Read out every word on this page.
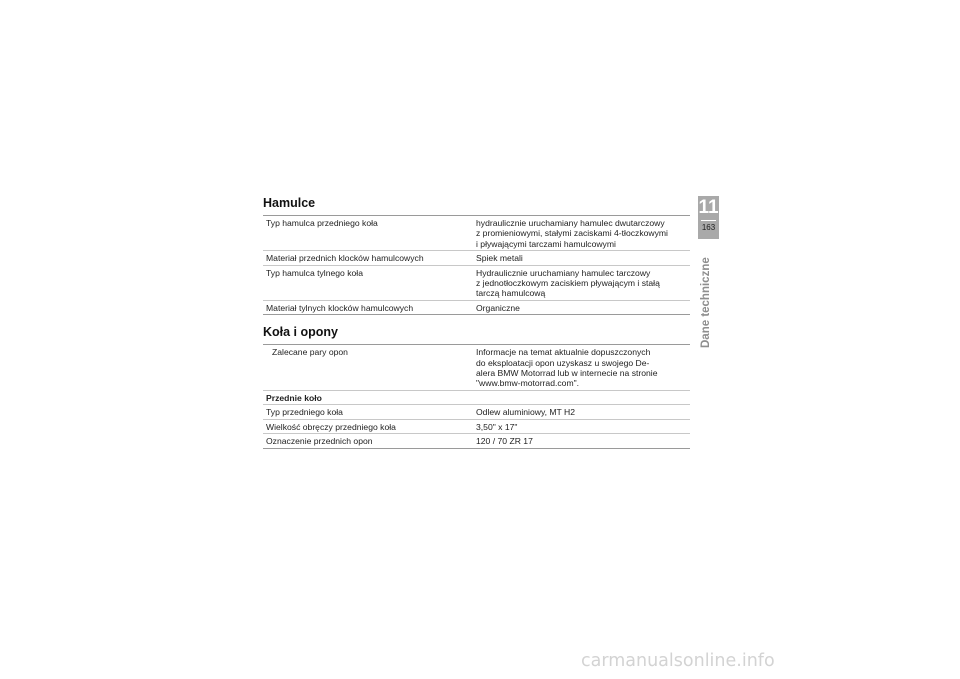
Hamulce
Typ hamulca przedniego koła	hydraulicznie uruchamiany hamulec dwutarczowy
z promieniowymi, stałymi zaciskami 4-tłoczkowymi
i pływającymi tarczami hamulcowymi
Materiał przednich klocków hamulcowych	Spiek metali
Typ hamulca tylnego koła	Hydraulicznie uruchamiany hamulec tarczowy
z jednotłoczkowym zaciskiem pływającym i stałą
tarczą hamulcową
Materiał tylnych klocków hamulcowych	Organiczne
Koła i opony
Zalecane pary opon	Informacje na temat aktualnie dopuszczonych
do eksploatacji opon uzyskasz u swojego De-
alera BMW Motorrad lub w internecie na stronie
"www.bmw-motorrad.com".
Przednie koło
Typ przedniego koła	Odlew aluminiowy, MT H2
Wielkość obręczy przedniego koła	3,50" x 17"
Oznaczenie przednich opon	120 / 70 ZR 17
11
163
Dane techniczne
carmanualsonline.info
